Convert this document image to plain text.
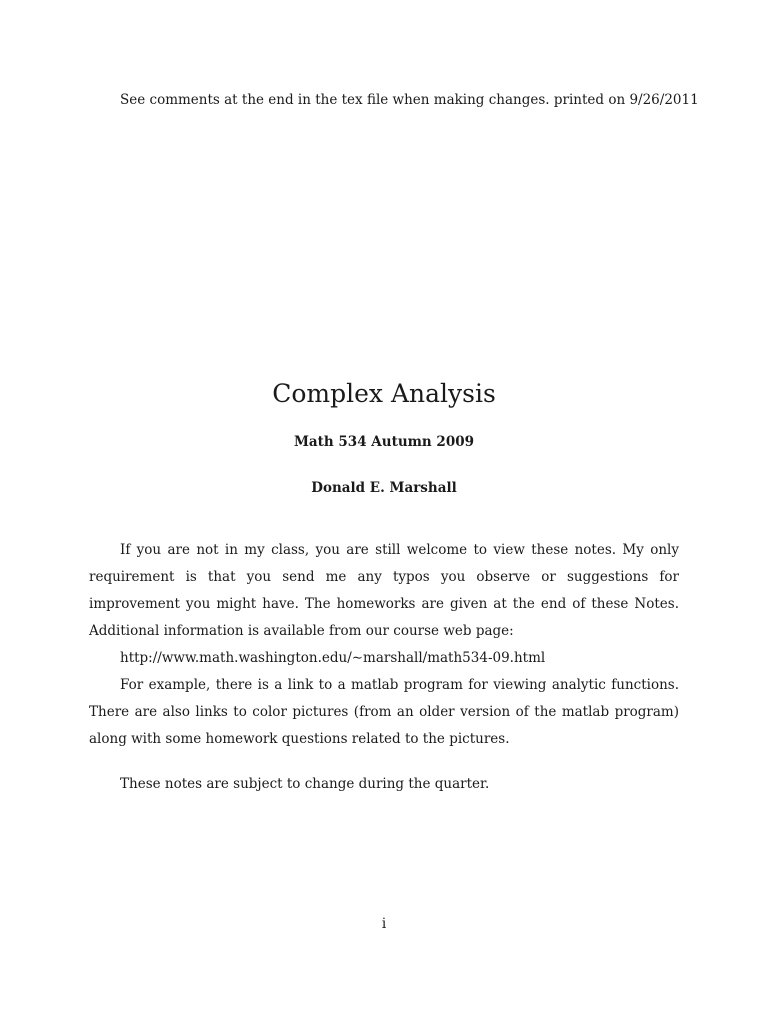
See comments at the end in the tex file when making changes. printed on 9/26/2011
Complex Analysis
Math 534 Autumn 2009
Donald E. Marshall

If you are not in my class, you are still welcome to view these notes. My only requirement is that you send me any typos you observe or suggestions for improvement you might have. The homeworks are given at the end of these Notes. Additional information is available from our course web page:

http://www.math.washington.edu/∼marshall/math534-09.html

For example, there is a link to a matlab program for viewing analytic functions. There are also links to color pictures (from an older version of the matlab program) along with some homework questions related to the pictures.

These notes are subject to change during the quarter.
i
